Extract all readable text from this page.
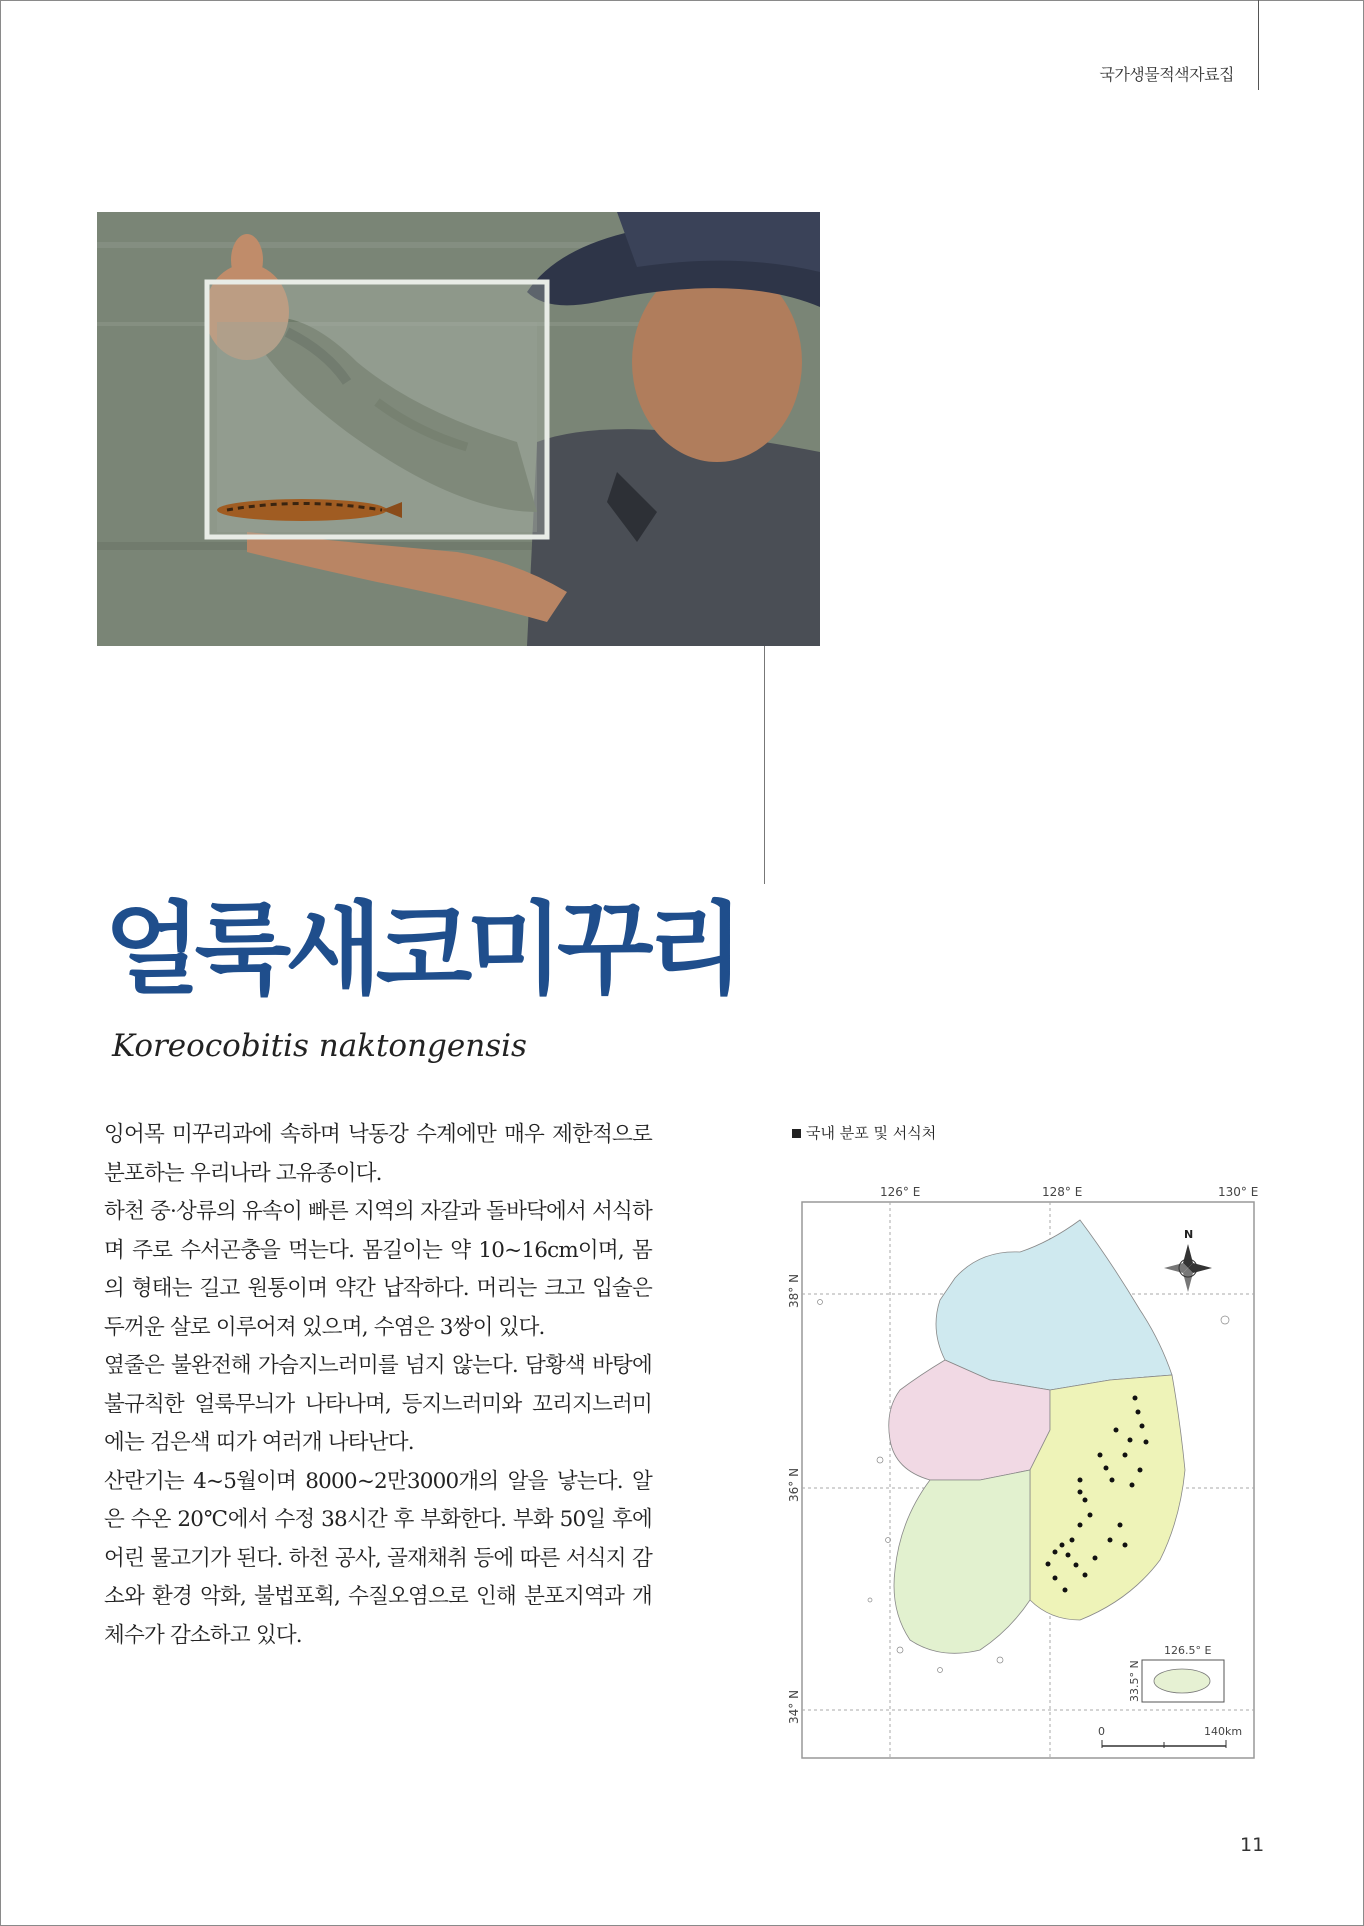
국가생물적색자료집
얼룩새코미꾸리
Koreocobitis naktongensis

잉어목 미꾸리과에 속하며 낙동강 수계에만 매우 제한적으로 분포하는 우리나라 고유종이다.

하천 중·상류의 유속이 빠른 지역의 자갈과 돌바닥에서 서식하며 주로 수서곤충을 먹는다. 몸길이는 약 10~16cm이며, 몸의 형태는 길고 원통이며 약간 납작하다. 머리는 크고 입술은 두꺼운 살로 이루어져 있으며, 수염은 3쌍이 있다.

옆줄은 불완전해 가슴지느러미를 넘지 않는다. 담황색 바탕에 불규칙한 얼룩무늬가 나타나며, 등지느러미와 꼬리지느러미에는 검은색 띠가 여러개 나타난다.

산란기는 4~5월이며 8000~2만3000개의 알을 낳는다. 알은 수온 20℃에서 수정 38시간 후 부화한다. 부화 50일 후에 어린 물고기가 된다. 하천 공사, 골재채취 등에 따른 서식지 감소와 환경 악화, 불법포획, 수질오염으로 인해 분포지역과 개체수가 감소하고 있다.

국내 분포 및 서식처
126° E	128° E	130° E
38° N
36° N
34° N
N
126.5° E
33.5° N
0	140km
11
